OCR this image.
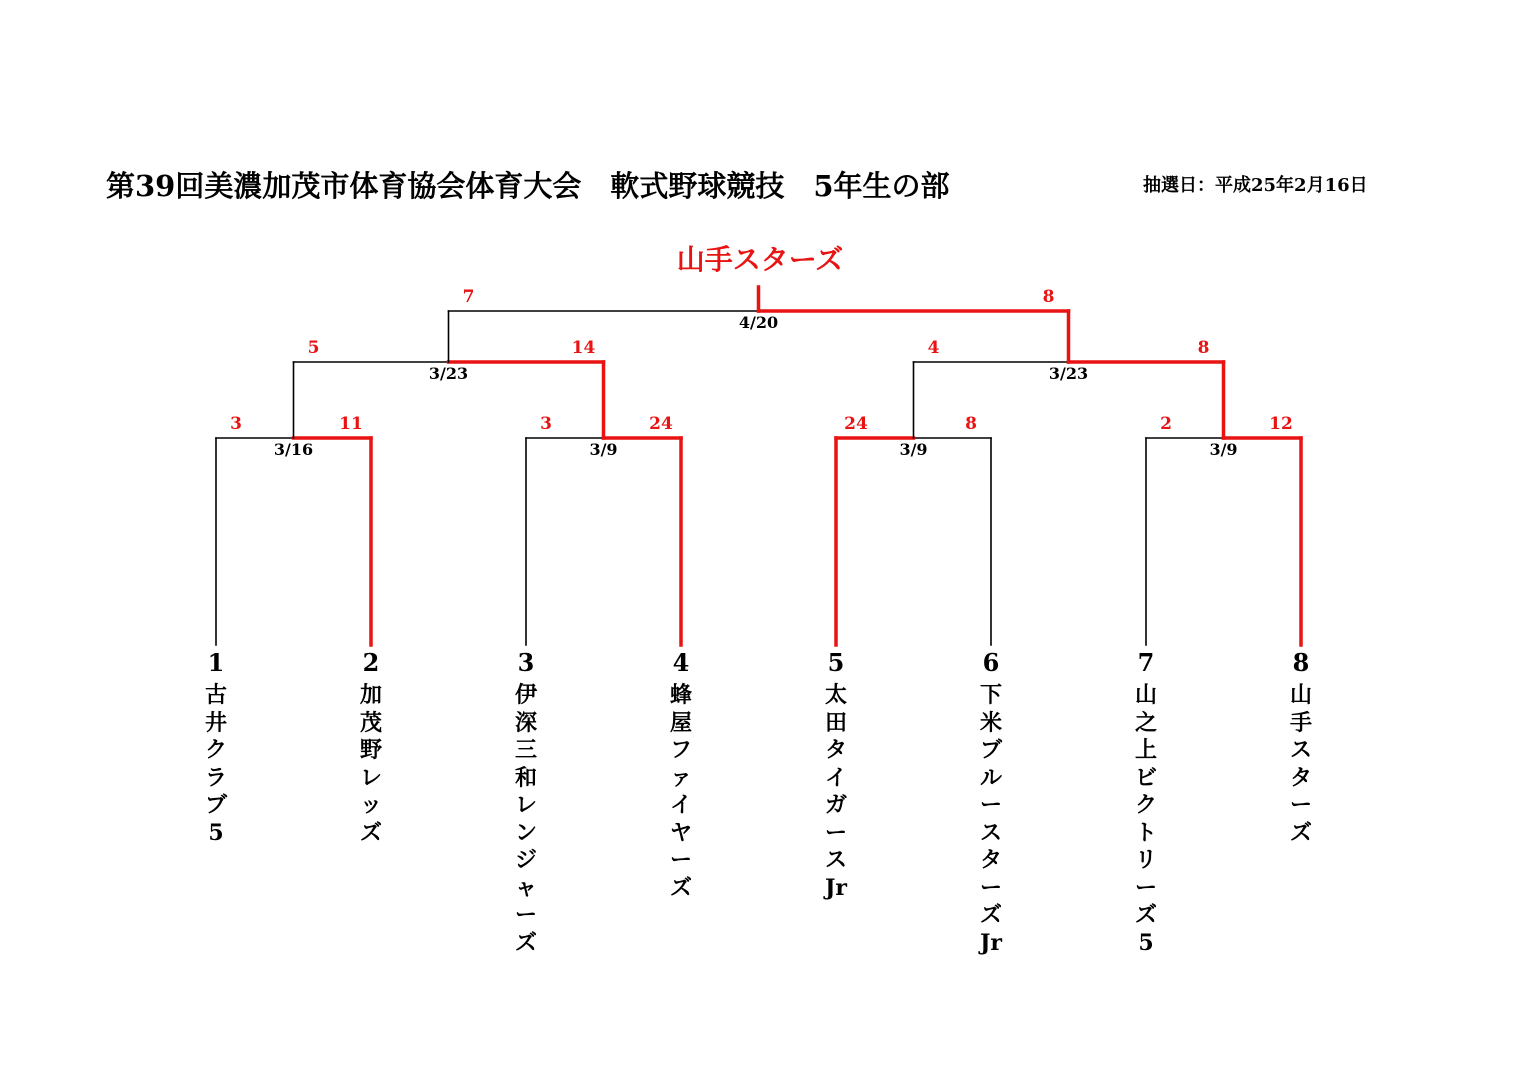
第39回美濃加茂市体育協会体育大会　軟式野球競技　5年生の部	抽選日：平成25年2月16日
山手スターズ
3	11
3/16
3	24
3/9
24	8
3/9
2	12
3/9
5	14
3/23
4	8
3/23
7	8
4/20
1
古井クラブ5
2
加茂野レッズ
3
伊深三和レンジャーズ
4
蜂屋ファイヤーズ
5
太田タイガースJr
6
下米ブルースターズJr
7
山之上ビクトリーズ5
8
山手スターズ
